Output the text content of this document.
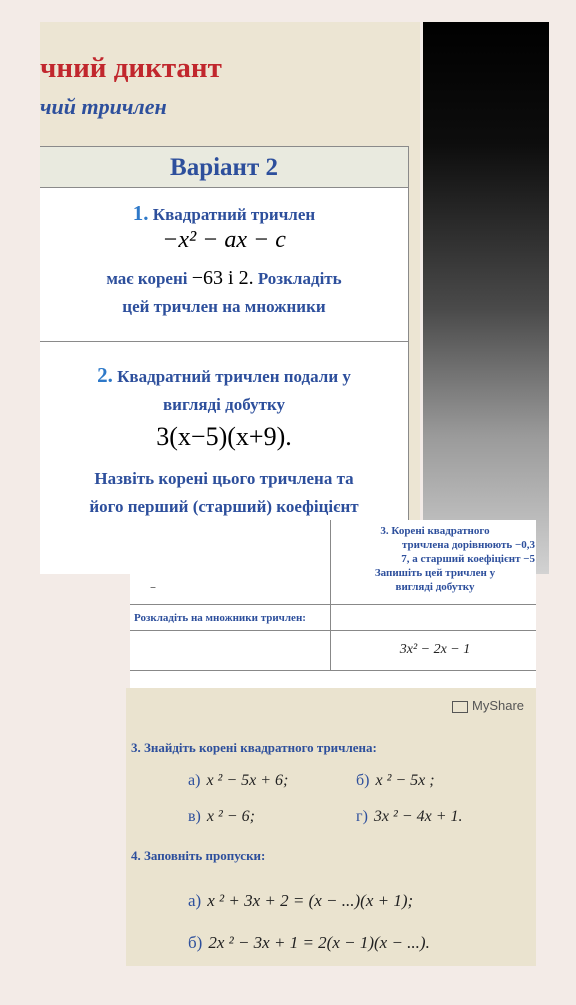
чний диктант
чий тричлен
Варіант 2
1. Квадратний тричлен
−x² − ax − c
має корені −63 і 2. Розкладіть
цей тричлен на множники
2. Квадратний тричлен подали у
вигляді добутку
3(x−5)(x+9).
Назвіть корені цього тричлена та
його перший (старший) коефіцієнт
3. Корені квадратного
тричлена дорівнюють −0,3
7, а старший коефіцієнт −5
Запишіть цей тричлен у
вигляді добутку
–
Розкладіть на множники тричлен:
3x² − 2x − 1
MyShare
3. Знайдіть корені квадратного тричлена:
а) x ² − 5x + 6;	б) x ² − 5x ;
в) x ² − 6;	г) 3x ² − 4x + 1.
4. Заповніть пропуски:
а) x ² + 3x + 2 = (x − ...)(x + 1);
б) 2x ² − 3x + 1 = 2(x − 1)(x − ...).
